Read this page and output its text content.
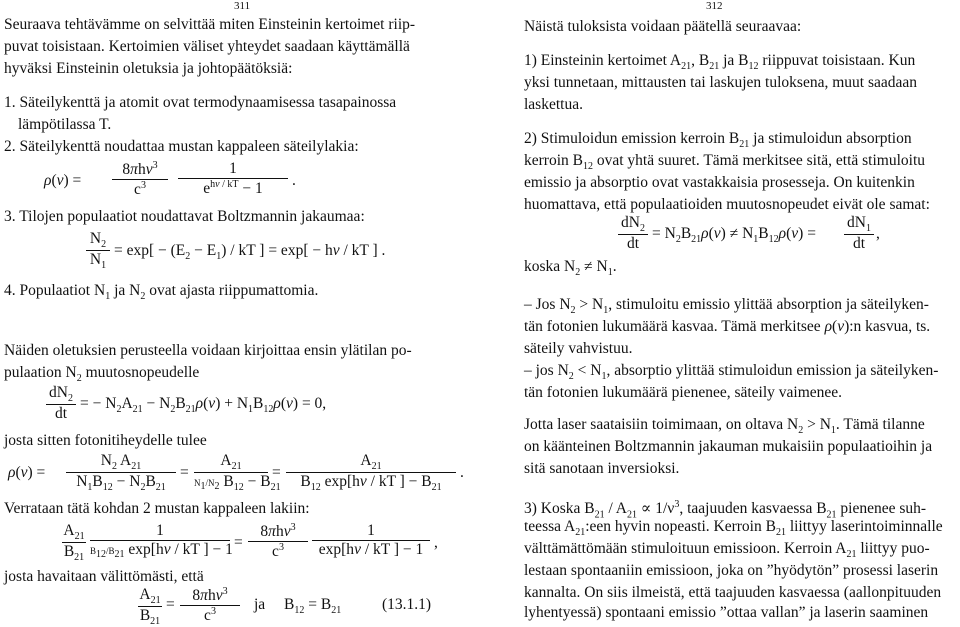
311
Seuraava tehtävämme on selvittää miten Einsteinin kertoimet riip-
puvat toisistaan. Kertoimien väliset yhteydet saadaan käyttämällä
hyväksi Einsteinin oletuksia ja johtopäätöksiä:
1. Säteilykenttä ja atomit ovat termodynaamisessa tasapainossa
lämpötilassa T.
2. Säteilykenttä noudattaa mustan kappaleen säteilylakia:
ρ(ν) =
8πhν$^3$
$c^3$
1
$e^{h\nu / kT} - 1$	.
3. Tilojen populaatiot noudattavat Boltzmannin jakaumaa:
$N_2$
$N_1$
= $\exp[ - (E_2 - E_1)$ / kT ] = exp[ − hν / kT ] .
4. Populaatiot $N_1$ ja $N_2$ ovat ajasta riippumattomia.
Näiden oletuksien perusteella voidaan kirjoittaa ensin ylätilan po-
pulaation $N_2$ muutosnopeudelle
$dN_2$
dt
= − $N_2A_{21} - N_2B_{21}\rho(\nu) + N_1B_{12}\rho(\nu) = 0$,
josta sitten fotonitiheydelle tulee
ρ(ν) =
$N_2$ $A_{21}$
$N_1B_{12} - N_2B_{21}$
=
$A_{21}$
$N_1/N_2$ $B_{12} - B_{21}$
=
$A_{21}$
$B_{12}$ exp[hν / kT ] − $B_{21}$
.
Verrataan tätä kohdan 2 mustan kappaleen lakiin:
$A_{21}$
$B_{21}$
1
$B_{12}/B_{21}$ exp[hν / kT ] − 1 =
8πhν$^3$
$c^3$
1
exp[hν / kT ] − 1 ,
josta havaitaan välittömästi, että
$A_{21}$
$B_{21}$
=
8πhν$^3$
$c^3$	ja $B_{12} = B_{21}$	(13.1.1)
312
Näistä tuloksista voidaan päätellä seuraavaa:
1) Einsteinin kertoimet $A_{21}$, $B_{21}$ ja $B_{12}$ riippuvat toisistaan. Kun
yksi tunnetaan, mittausten tai laskujen tuloksena, muut saadaan
laskettua.
2) Stimuloidun emission kerroin $B_{21}$ ja stimuloidun absorption
kerroin $B_{12}$ ovat yhtä suuret. Tämä merkitsee sitä, että stimuloitu
emissio ja absorptio ovat vastakkaisia prosesseja. On kuitenkin
huomattava, että populaatioiden muutosnopeudet eivät ole samat:
$dN_2$
dt
= $N_2B_{21}\rho(\nu) \ne N_1B_{12}\rho(\nu)$ =
$dN_1$
dt
,
koska $N_2 \ne N_1$.
– Jos $N_2 > N_1$, stimuloitu emissio ylittää absorption ja säteilyken-
tän fotonien lukumäärä kasvaa. Tämä merkitsee ρ(ν):n kasvua, ts.
säteily vahvistuu.
– jos $N_2 < N_1$, absorptio ylittää stimuloidun emission ja säteilyken-
tän fotonien lukumäärä pienenee, säteily vaimenee.
Jotta laser saataisiin toimimaan, on oltava $N_2 > N_1$. Tämä tilanne
on käänteinen Boltzmannin jakauman mukaisiin populaatioihin ja
sitä sanotaan inversioksi.
3) Koska $B_{21} / A_{21} \propto 1/\nu^3$, taajuuden kasvaessa $B_{21}$ pienenee suh-
teessa $A_{21}:een$ hyvin nopeasti. Kerroin $B_{21}$ liittyy laserintoiminnalle
välttämättömään stimuloituun emissioon. Kerroin $A_{21}$ liittyy puo-
lestaan spontaaniin emissioon, joka on ”hyödytön” prosessi laserin
kannalta. On siis ilmeistä, että taajuuden kasvaessa (aallonpituuden
lyhentyessä) spontaani emissio ”ottaa vallan” ja laserin saaminen
